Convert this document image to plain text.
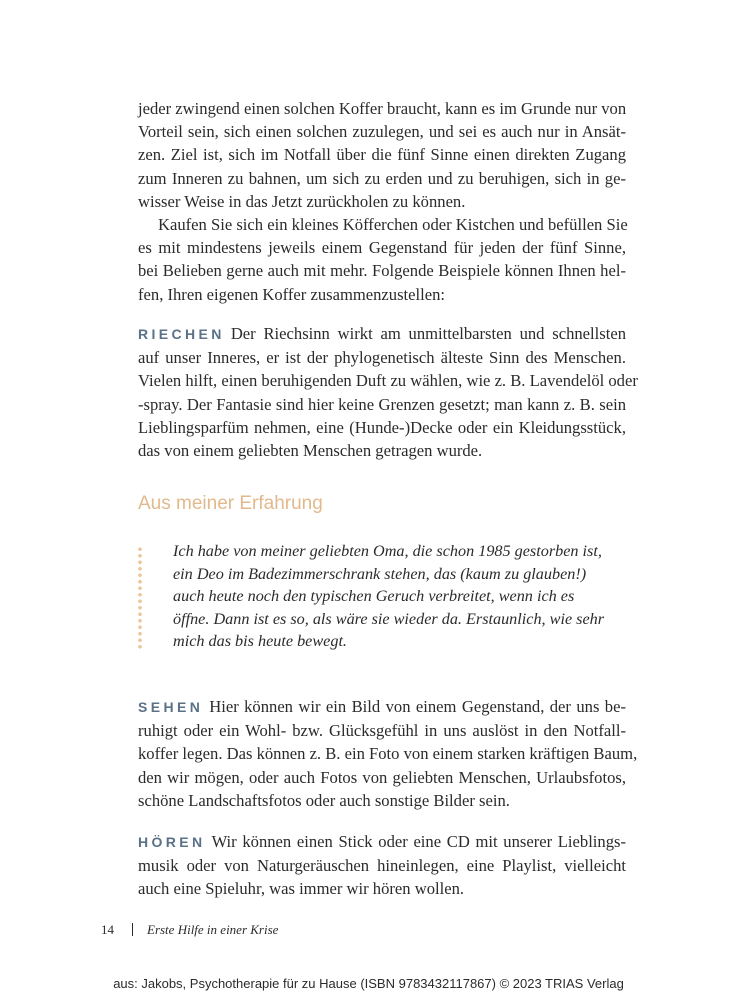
jeder zwingend einen solchen Koffer braucht, kann es im Grunde nur von
Vorteil sein, sich einen solchen zuzulegen, und sei es auch nur in Ansät-
zen. Ziel ist, sich im Notfall über die fünf Sinne einen direkten Zugang
zum Inneren zu bahnen, um sich zu erden und zu beruhigen, sich in ge-
wisser Weise in das Jetzt zurückholen zu können.

Kaufen Sie sich ein kleines Köfferchen oder Kistchen und befüllen Sie
es mit mindestens jeweils einem Gegenstand für jeden der fünf Sinne,
bei Belieben gerne auch mit mehr. Folgende Beispiele können Ihnen hel-
fen, Ihren eigenen Koffer zusammenzustellen:

RIECHEN Der Riechsinn wirkt am unmittelbarsten und schnellsten
auf unser Inneres, er ist der phylogenetisch älteste Sinn des Menschen.
Vielen hilft, einen beruhigenden Duft zu wählen, wie z. B. Lavendelöl oder
-spray. Der Fantasie sind hier keine Grenzen gesetzt; man kann z. B. sein
Lieblingsparfüm nehmen, eine (Hunde-)Decke oder ein Kleidungsstück,
das von einem geliebten Menschen getragen wurde.

Aus meiner Erfahrung

Ich habe von meiner geliebten Oma, die schon 1985 gestorben ist,
ein Deo im Badezimmerschrank stehen, das (kaum zu glauben!)
auch heute noch den typischen Geruch verbreitet, wenn ich es
öffne. Dann ist es so, als wäre sie wieder da. Erstaunlich, wie sehr
mich das bis heute bewegt.

SEHEN Hier können wir ein Bild von einem Gegenstand, der uns be-
ruhigt oder ein Wohl- bzw. Glücksgefühl in uns auslöst in den Notfall-
koffer legen. Das können z. B. ein Foto von einem starken kräftigen Baum,
den wir mögen, oder auch Fotos von geliebten Menschen, Urlaubsfotos,
schöne Landschaftsfotos oder auch sonstige Bilder sein.

HÖREN Wir können einen Stick oder eine CD mit unserer Lieblings-
musik oder von Naturgeräuschen hineinlegen, eine Playlist, vielleicht
auch eine Spieluhr, was immer wir hören wollen.

14	Erste Hilfe in einer Krise
aus: Jakobs, Psychotherapie für zu Hause (ISBN 9783432117867) © 2023 TRIAS Verlag
